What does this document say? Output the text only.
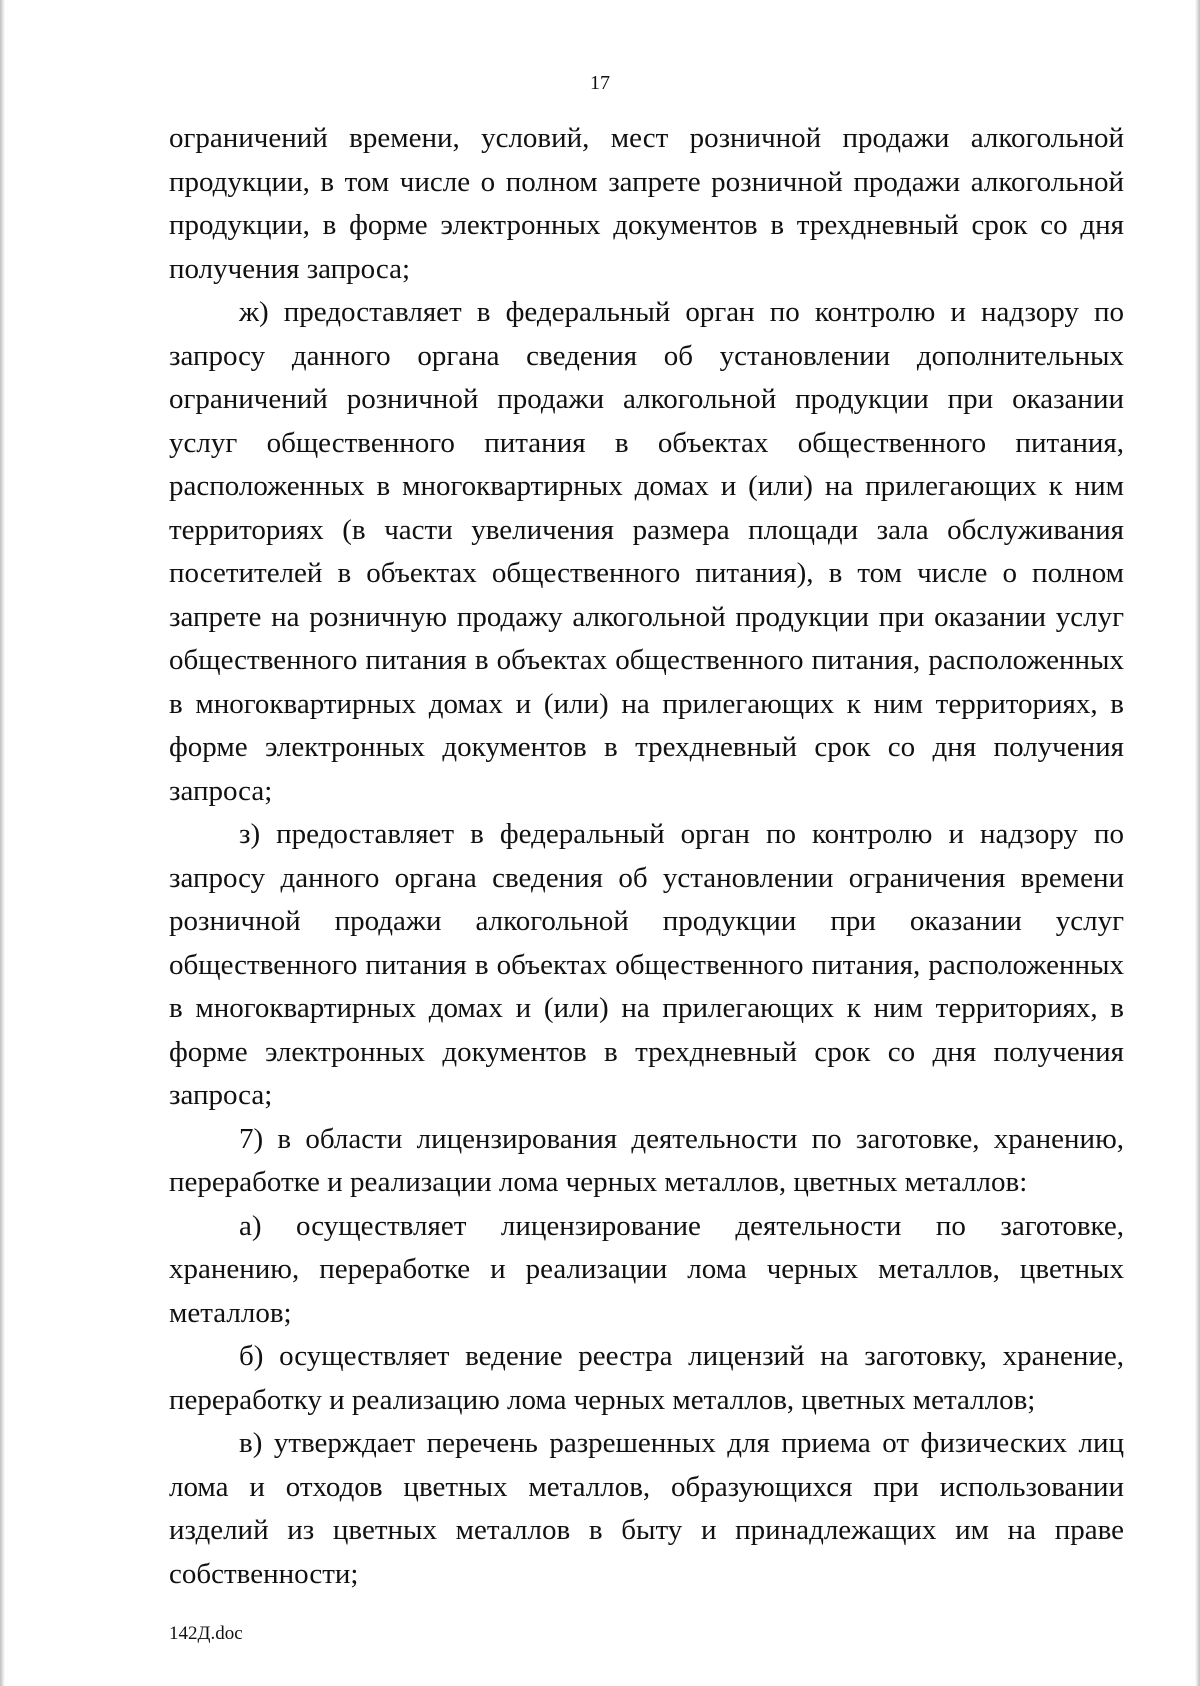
17

ограничений времени, условий, мест розничной продажи алкогольной продукции, в том числе о полном запрете розничной продажи алкогольной продукции, в форме электронных документов в трехдневный срок со дня получения запроса;

ж) предоставляет в федеральный орган по контролю и надзору по запросу данного органа сведения об установлении дополнительных ограничений розничной продажи алкогольной продукции при оказании услуг общественного питания в объектах общественного питания, расположенных в многоквартирных домах и (или) на прилегающих к ним территориях (в части увеличения размера площади зала обслуживания посетителей в объектах общественного питания), в том числе о полном запрете на розничную продажу алкогольной продукции при оказании услуг общественного питания в объектах общественного питания, расположенных в многоквартирных домах и (или) на прилегающих к ним территориях, в форме электронных документов в трехдневный срок со дня получения запроса;

з) предоставляет в федеральный орган по контролю и надзору по запросу данного органа сведения об установлении ограничения времени розничной продажи алкогольной продукции при оказании услуг общественного питания в объектах общественного питания, расположенных в многоквартирных домах и (или) на прилегающих к ним территориях, в форме электронных документов в трехдневный срок со дня получения запроса;

7) в области лицензирования деятельности по заготовке, хранению, переработке и реализации лома черных металлов, цветных металлов:

а) осуществляет лицензирование деятельности по заготовке, хранению, переработке и реализации лома черных металлов, цветных металлов;

б) осуществляет ведение реестра лицензий на заготовку, хранение, переработку и реализацию лома черных металлов, цветных металлов;

в) утверждает перечень разрешенных для приема от физических лиц лома и отходов цветных металлов, образующихся при использовании изделий из цветных металлов в быту и принадлежащих им на праве собственности;

142Д.doc
